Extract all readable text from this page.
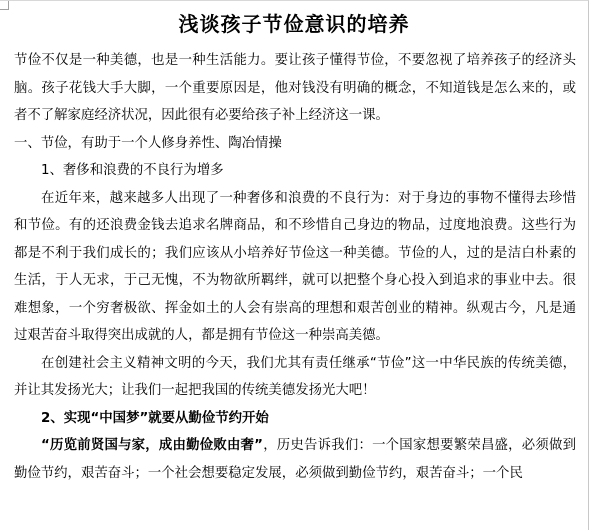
浅谈孩子节俭意识的培养

节俭不仅是一种美德，也是一种生活能力。要让孩子懂得节俭，不要忽视了培养孩子的经济头脑。孩子花钱大手大脚，一个重要原因是，他对钱没有明确的概念，不知道钱是怎么来的，或者不了解家庭经济状况，因此很有必要给孩子补上经济这一课。

一、节俭，有助于一个人修身养性、陶冶情操

1、奢侈和浪费的不良行为增多

在近年来，越来越多人出现了一种奢侈和浪费的不良行为：对于身边的事物不懂得去珍惜和节俭。有的还浪费金钱去追求名牌商品，和不珍惜自己身边的物品，过度地浪费。这些行为都是不利于我们成长的；我们应该从小培养好节俭这一种美德。节俭的人，过的是洁白朴素的生活，于人无求，于己无愧，不为物欲所羁绊，就可以把整个身心投入到追求的事业中去。很难想象，一个穷奢极欲、挥金如土的人会有崇高的理想和艰苦创业的精神。纵观古今，凡是通过艰苦奋斗取得突出成就的人，都是拥有节俭这一种崇高美德。

在创建社会主义精神文明的今天，我们尤其有责任继承“节俭”这一中华民族的传统美德，并让其发扬光大；让我们一起把我国的传统美德发扬光大吧！

2、实现“中国梦”就要从勤俭节约开始

“历览前贤国与家，成由勤俭败由奢”，历史告诉我们：一个国家想要繁荣昌盛，必须做到勤俭节约，艰苦奋斗；一个社会想要稳定发展，必须做到勤俭节约，艰苦奋斗；一个民
